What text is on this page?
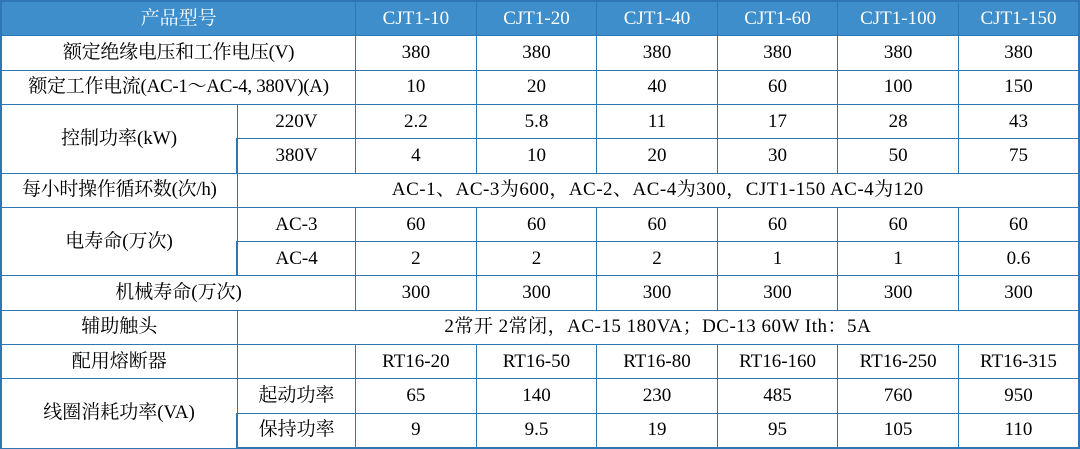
产品型号		CJT1-10	CJT1-20	CJT1-40	CJT1-60	CJT1-100	CJT1-150
额定绝缘电压和工作电压(V)		380	380	380	380	380	380
额定工作电流(AC-1～AC-4, 380V)(A)		10	20	40	60	100	150
控制功率(kW)	220V	2.2	5.8	11	17	28	43
	380V	4	10	20	30	50	75
每小时操作循环数(次/h)	AC-1、AC-3为600，AC-2、AC-4为300，CJT1-150 AC-4为120						
电寿命(万次)	AC-3	60	60	60	60	60	60
	AC-4	2	2	2	1	1	0.6
机械寿命(万次)		300	300	300	300	300	300
辅助触头	2常开 2常闭，AC-15 180VA；DC-13 60W Ith：5A						
配用熔断器		RT16-20	RT16-50	RT16-80	RT16-160	RT16-250	RT16-315
线圈消耗功率(VA)	起动功率	65	140	230	485	760	950
	保持功率	9	9.5	19	95	105	110
